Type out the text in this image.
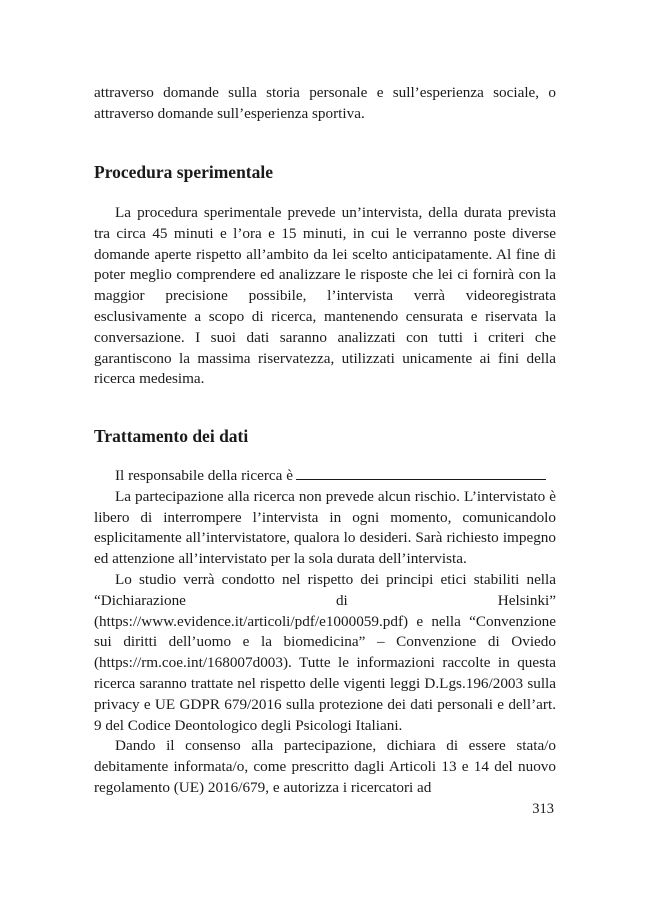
attraverso domande sulla storia personale e sull’esperienza sociale, o attraverso domande sull’esperienza sportiva.

Procedura sperimentale

La procedura sperimentale prevede un’intervista, della durata prevista tra circa 45 minuti e l’ora e 15 minuti, in cui le verranno poste diverse domande aperte rispetto all’ambito da lei scelto anticipatamente. Al fine di poter meglio comprendere ed analizzare le risposte che lei ci fornirà con la maggior precisione possibile, l’intervista verrà videoregistrata esclusivamente a scopo di ricerca, mantenendo censurata e riservata la conversazione. I suoi dati saranno analizzati con tutti i criteri che garantiscono la massima riservatezza, utilizzati unicamente ai fini della ricerca medesima.

Trattamento dei dati

Il responsabile della ricerca è

La partecipazione alla ricerca non prevede alcun rischio. L’intervistato è libero di interrompere l’intervista in ogni momento, comunicandolo esplicitamente all’intervistatore, qualora lo desideri. Sarà richiesto impegno ed attenzione all’intervistato per la sola durata dell’intervista.

Lo studio verrà condotto nel rispetto dei principi etici stabiliti nella “Dichiarazione di Helsinki” (https://www.evidence.it/articoli/pdf/e1000059.pdf) e nella “Convenzione sui diritti dell’uomo e la biomedicina” – Convenzione di Oviedo (https://rm.coe.int/168007d003). Tutte le informazioni raccolte in questa ricerca saranno trattate nel rispetto delle vigenti leggi D.Lgs.196/2003 sulla privacy e UE GDPR 679/2016 sulla protezione dei dati personali e dell’art. 9 del Codice Deontologico degli Psicologi Italiani.

Dando il consenso alla partecipazione, dichiara di essere stata/o debitamente informata/o, come prescritto dagli Articoli 13 e 14 del nuovo regolamento (UE) 2016/679, e autorizza i ricercatori ad

313
